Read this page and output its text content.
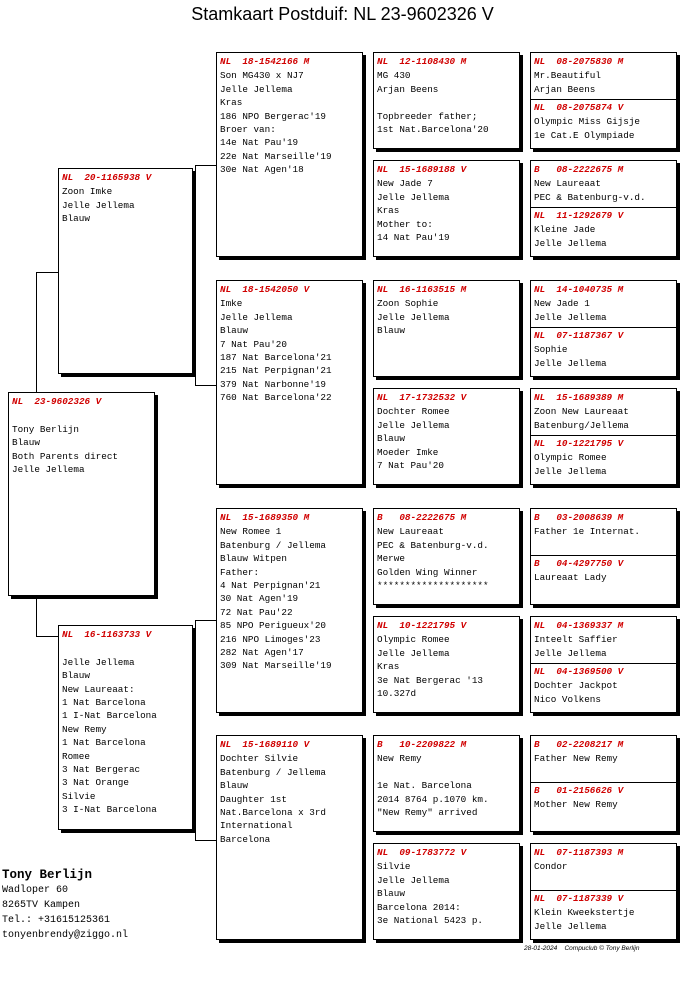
Stamkaart Postduif: NL 23-9602326 V
NL  23-9602326 V

Tony Berlijn
Blauw
Both Parents direct
Jelle Jellema
NL  20-1165938 V
Zoon Imke
Jelle Jellema
Blauw
NL  16-1163733 V

Jelle Jellema
Blauw
New Laureaat:
1 Nat Barcelona
1 I-Nat Barcelona
New Remy
1 Nat Barcelona
Romee
3 Nat Bergerac
3 Nat Orange
Silvie
3 I-Nat Barcelona
NL  18-1542166 M
Son MG430 x NJ7
Jelle Jellema
Kras
186 NPO Bergerac'19
Broer van:
14e Nat Pau'19
22e Nat Marseille'19
30e Nat Agen'18
NL  18-1542050 V
Imke
Jelle Jellema
Blauw
7 Nat Pau'20
187 Nat Barcelona'21
215 Nat Perpignan'21
379 Nat Narbonne'19
760 Nat Barcelona'22
NL  15-1689350 M
New Romee 1
Batenburg / Jellema
Blauw Witpen
Father:
4 Nat Perpignan'21
30 Nat Agen'19
72 Nat Pau'22
85 NPO Perigueux'20
216 NPO Limoges'23
282 Nat Agen'17
309 Nat Marseille'19
NL  15-1689110 V
Dochter Silvie
Batenburg / Jellema
Blauw
Daughter 1st
Nat.Barcelona x 3rd
International
Barcelona
NL  12-1108430 M
MG 430
Arjan Beens

Topbreeder father;
1st Nat.Barcelona'20
NL  15-1689188 V
New Jade 7
Jelle Jellema
Kras
Mother to:
14 Nat Pau'19
NL  16-1163515 M
Zoon Sophie
Jelle Jellema
Blauw
NL  17-1732532 V
Dochter Romee
Jelle Jellema
Blauw
Moeder Imke
7 Nat Pau'20
B   08-2222675 M
New Laureaat
PEC & Batenburg-v.d.
Merwe
Golden Wing Winner
********************
NL  10-1221795 V
Olympic Romee
Jelle Jellema
Kras
3e Nat Bergerac '13
10.327d
B   10-2209822 M
New Remy

1e Nat. Barcelona
2014 8764 p.1070 km.
"New Remy" arrived
NL  09-1783772 V
Silvie
Jelle Jellema
Blauw
Barcelona 2014:
3e National 5423 p.
NL  08-2075830 M
Mr.Beautiful
Arjan Beens
NL  08-2075874 V
Olympic Miss Gijsje
1e Cat.E Olympiade
B   08-2222675 M
New Laureaat
PEC & Batenburg-v.d.
NL  11-1292679 V
Kleine Jade
Jelle Jellema
NL  14-1040735 M
New Jade 1
Jelle Jellema
NL  07-1187367 V
Sophie
Jelle Jellema
NL  15-1689389 M
Zoon New Laureaat
Batenburg/Jellema
NL  10-1221795 V
Olympic Romee
Jelle Jellema
B   03-2008639 M
Father 1e Internat.
B   04-4297750 V
Laureaat Lady
NL  04-1369337 M
Inteelt Saffier
Jelle Jellema
NL  04-1369500 V
Dochter Jackpot
Nico Volkens
B   02-2208217 M
Father New Remy
B   01-2156626 V
Mother New Remy
NL  07-1187393 M
Condor
NL  07-1187339 V
Klein Kweekstertje
Jelle Jellema
Tony Berlijn
Wadloper 60
8265TV Kampen
Tel.: +31615125361
tonyenbrendy@ziggo.nl
28-01-2024    Compuclub © Tony Berlijn
